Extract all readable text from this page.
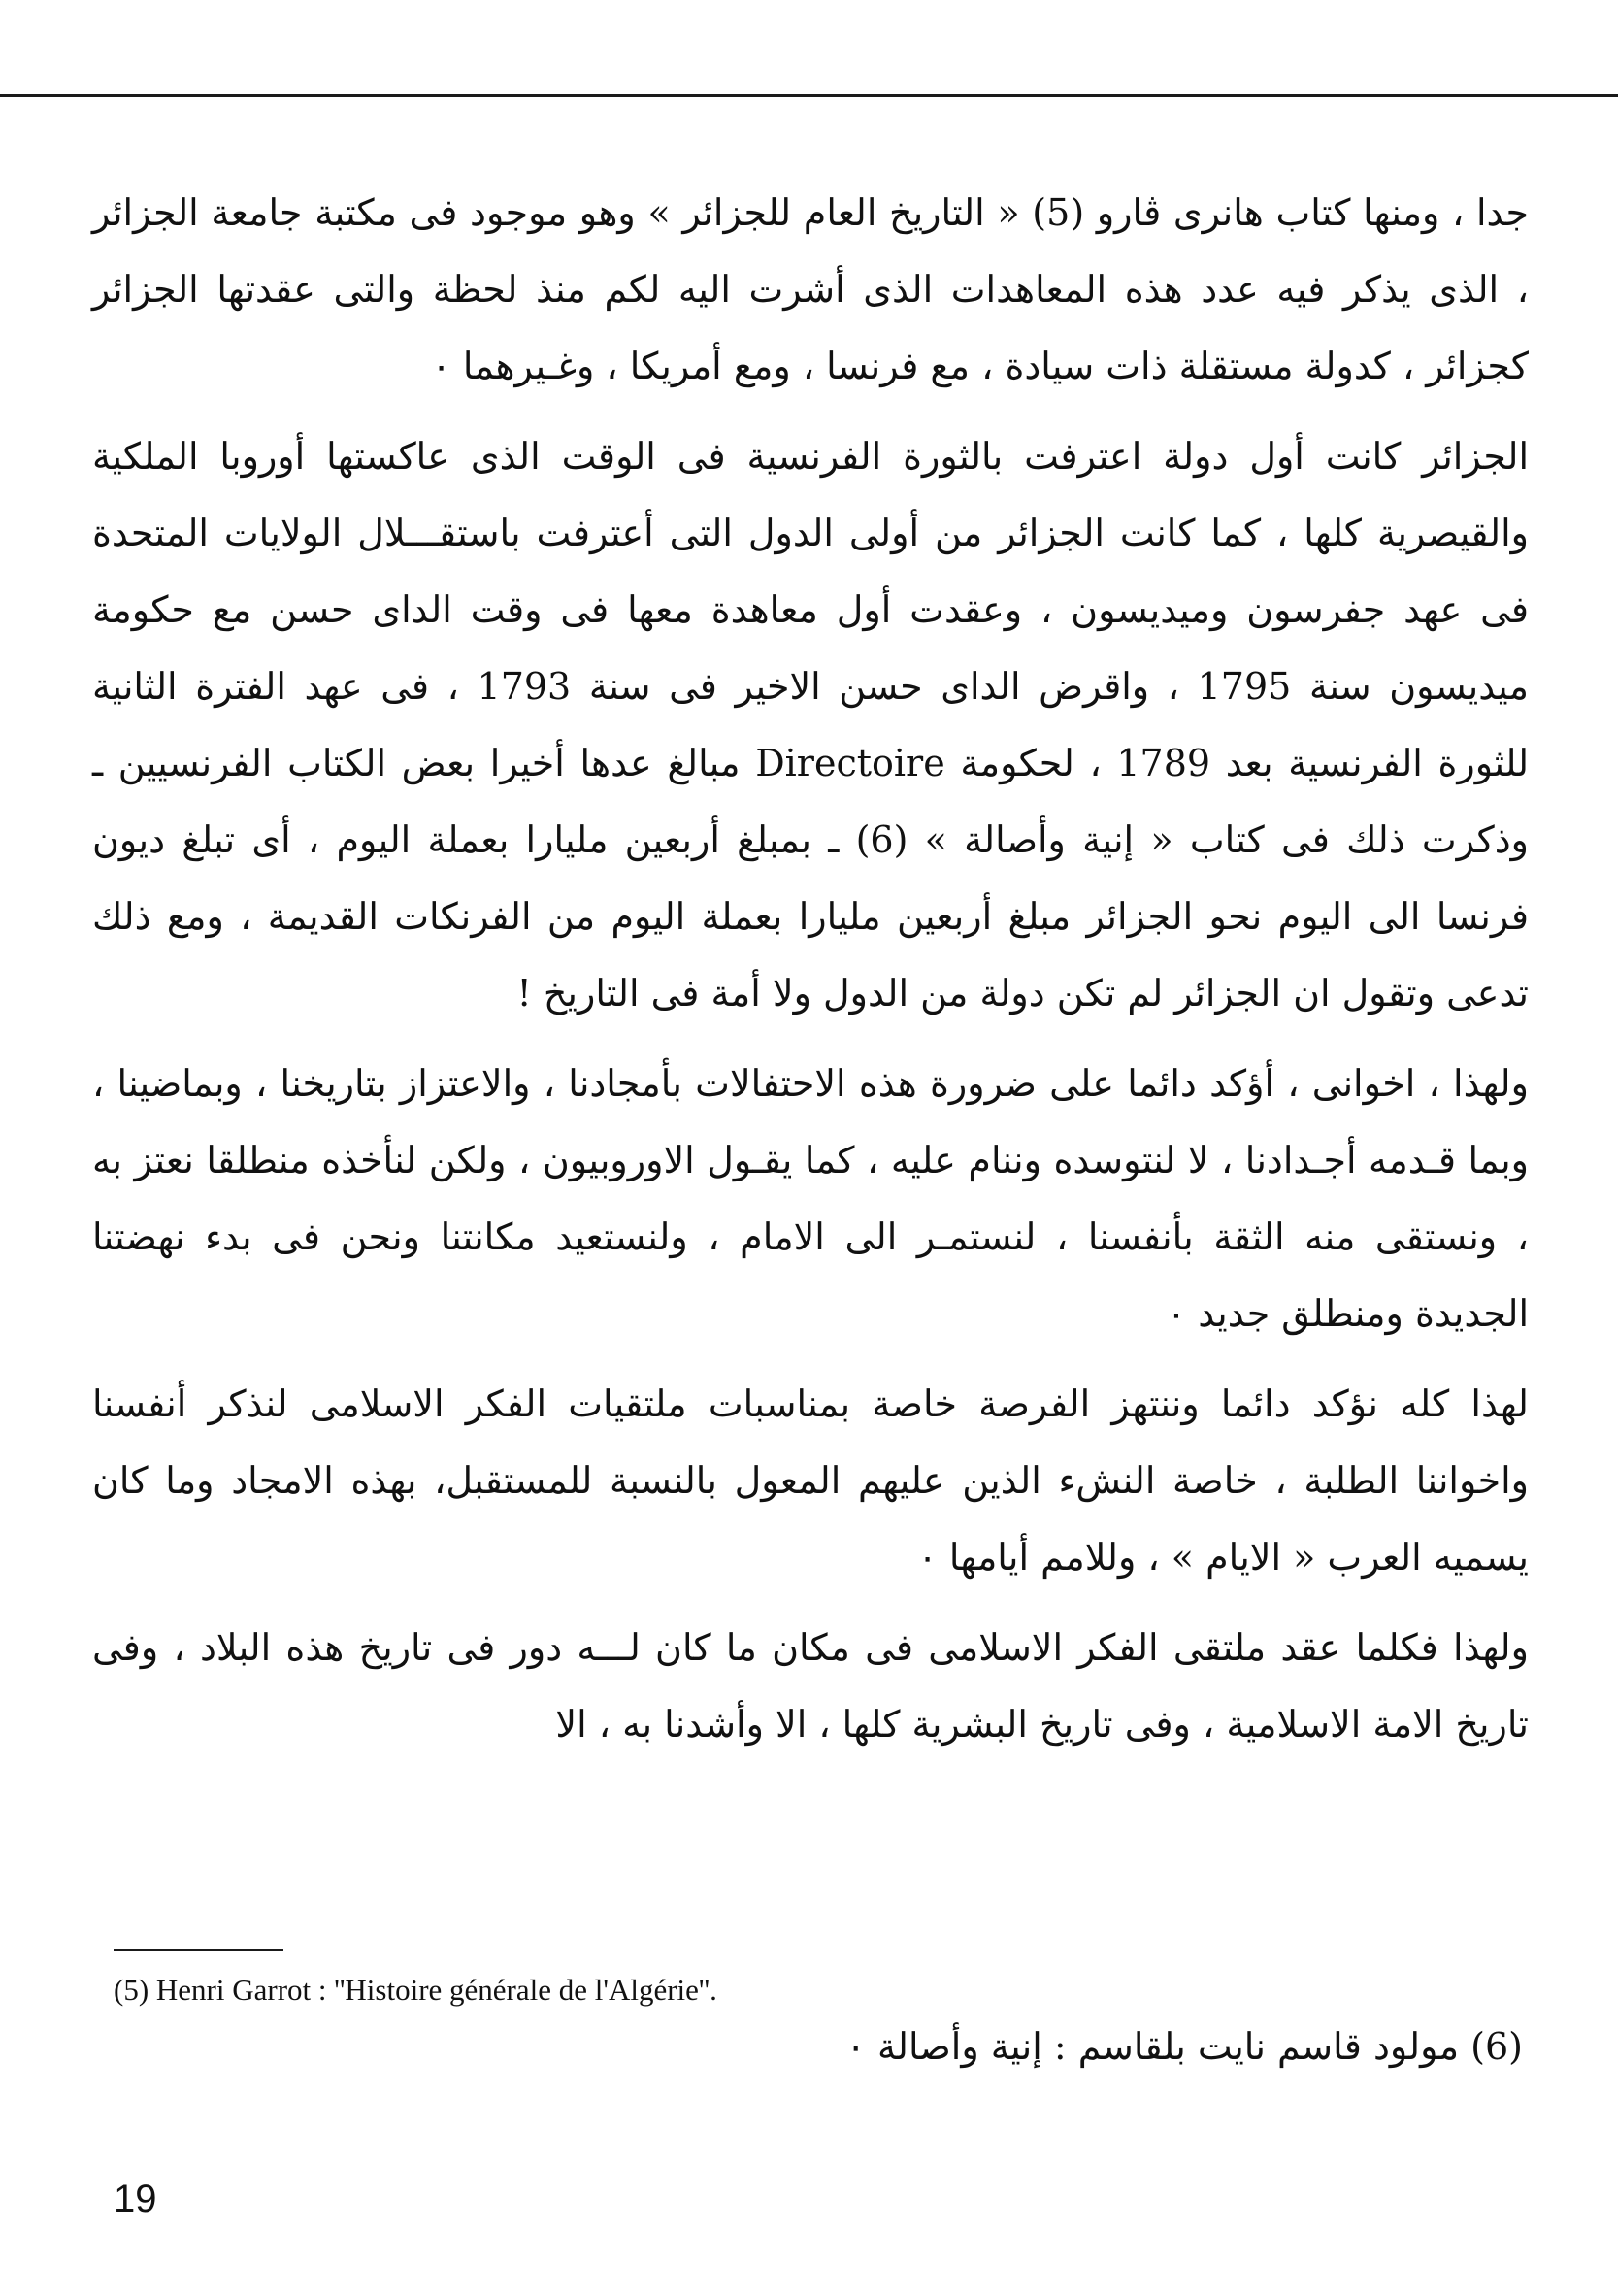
جدا ، ومنها كتاب هانرى ڤارو (5) « التاريخ العام للجزائر » وهو موجود فى مكتبة جامعة الجزائر ، الذى يذكر فيه عدد هذه المعاهدات الذى أشرت اليه لكم منذ لحظة والتى عقدتها الجزائر كجزائر ، كدولة مستقلة ذات سيادة ، مع فرنسا ، ومع أمريكا ، وغـيرهما ٠

الجزائر كانت أول دولة اعترفت بالثورة الفرنسية فى الوقت الذى عاكستها أوروبا الملكية والقيصرية كلها ، كما كانت الجزائر من أولى الدول التى أعترفت باستقـــلال الولايات المتحدة فى عهد جفرسون وميديسون ، وعقدت أول معاهدة معها فى وقت الداى حسن مع حكومة ميديسون سنة 1795 ، واقرض الداى حسن الاخير فى سنة 1793 ، فى عهد الفترة الثانية للثورة الفرنسية بعد 1789 ، لحكومة Directoire مبالغ عدها أخيرا بعض الكتاب الفرنسيين ـ وذكرت ذلك فى كتاب « إنية وأصالة » (6) ـ بمبلغ أربعين مليارا بعملة اليوم ، أى تبلغ ديون فرنسا الى اليوم نحو الجزائر مبلغ أربعين مليارا بعملة اليوم من الفرنكات القديمة ، ومع ذلك تدعى وتقول ان الجزائر لم تكن دولة من الدول ولا أمة فى التاريخ !

ولهذا ، اخوانى ، أؤكد دائما على ضرورة هذه الاحتفالات بأمجادنا ، والاعتزاز بتاريخنا ، وبماضينا ، وبما قـدمه أجـدادنا ، لا لنتوسده وننام عليه ، كما يقـول الاوروبيون ، ولكن لنأخذه منطلقا نعتز به ، ونستقى منه الثقة بأنفسنا ، لنستمـر الى الامام ، ولنستعيد مكانتنا ونحن فى بدء نهضتنا الجديدة ومنطلق جديد ٠

لهذا كله نؤكد دائما وننتهز الفرصة خاصة بمناسبات ملتقيات الفكر الاسلامى لنذكر أنفسنا واخواننا الطلبة ، خاصة النشء الذين عليهم المعول بالنسبة للمستقبل، بهذه الامجاد وما كان يسميه العرب « الايام » ، وللامم أيامها ٠

ولهذا فكلما عقد ملتقى الفكر الاسلامى فى مكان ما كان لـــه دور فى تاريخ هذه البلاد ، وفى تاريخ الامة الاسلامية ، وفى تاريخ البشرية كلها ، الا وأشدنا به ، الا

(5) Henri Garrot : ''Histoire générale de l'Algérie''.
(6) مولود قاسم نايت بلقاسم : إنية وأصالة ٠
19
